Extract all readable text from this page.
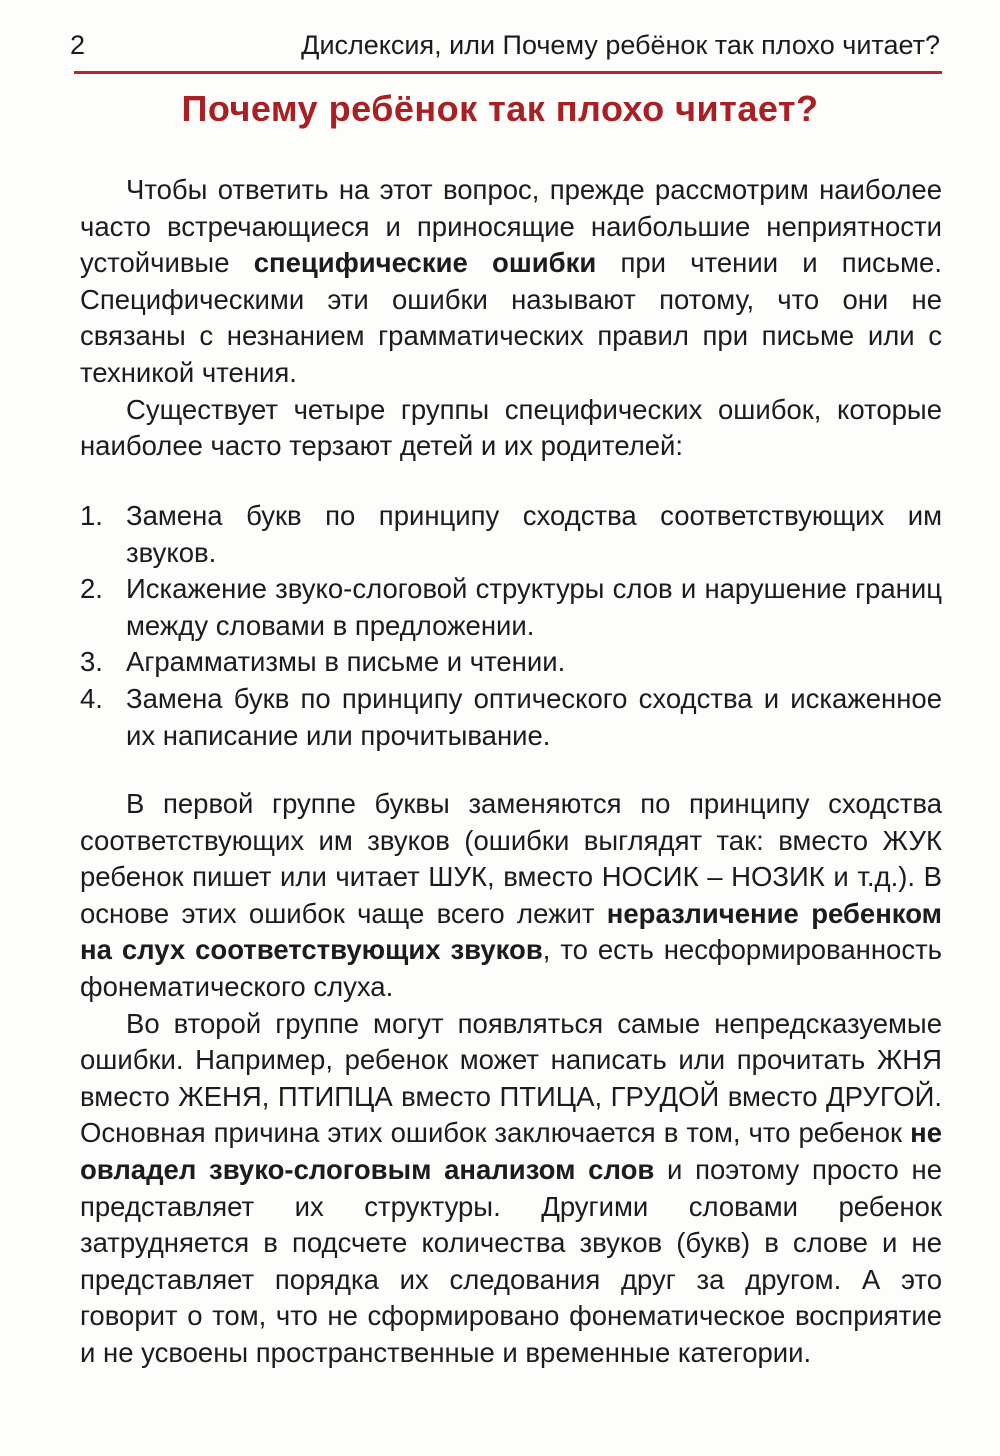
2	Дислексия, или Почему ребёнок так плохо читает?
Почему ребёнок так плохо читает?

Чтобы ответить на этот вопрос, прежде рассмотрим наиболее часто встречающиеся и приносящие наибольшие неприятности устойчивые специфические ошибки при чтении и письме. Специфическими эти ошибки называют потому, что они не связаны с незнанием грамматических правил при письме или с техникой чтения.

Существует четыре группы специфических ошибок, которые наиболее часто терзают детей и их родителей:

1. Замена букв по принципу сходства соответствующих им звуков.
2. Искажение звуко-слоговой структуры слов и нарушение границ между словами в предложении.
3. Аграмматизмы в письме и чтении.
4. Замена букв по принципу оптического сходства и искаженное их написание или прочитывание.

В первой группе буквы заменяются по принципу сходства соответствующих им звуков (ошибки выглядят так: вместо ЖУК ребенок пишет или читает ШУК, вместо НОСИК – НОЗИК и т.д.). В основе этих ошибок чаще всего лежит неразличение ребенком на слух соответствующих звуков, то есть несформированность фонематического слуха.

Во второй группе могут появляться самые непредсказуемые ошибки. Например, ребенок может написать или прочитать ЖНЯ вместо ЖЕНЯ, ПТИПЦА вместо ПТИЦА, ГРУДОЙ вместо ДРУГОЙ. Основная причина этих ошибок заключается в том, что ребенок не овладел звуко-слоговым анализом слов и поэтому просто не представляет их структуры. Другими словами ребенок затрудняется в подсчете количества звуков (букв) в слове и не представляет порядка их следования друг за другом. А это говорит о том, что не сформировано фонематическое восприятие и не усвоены пространственные и временные категории.
